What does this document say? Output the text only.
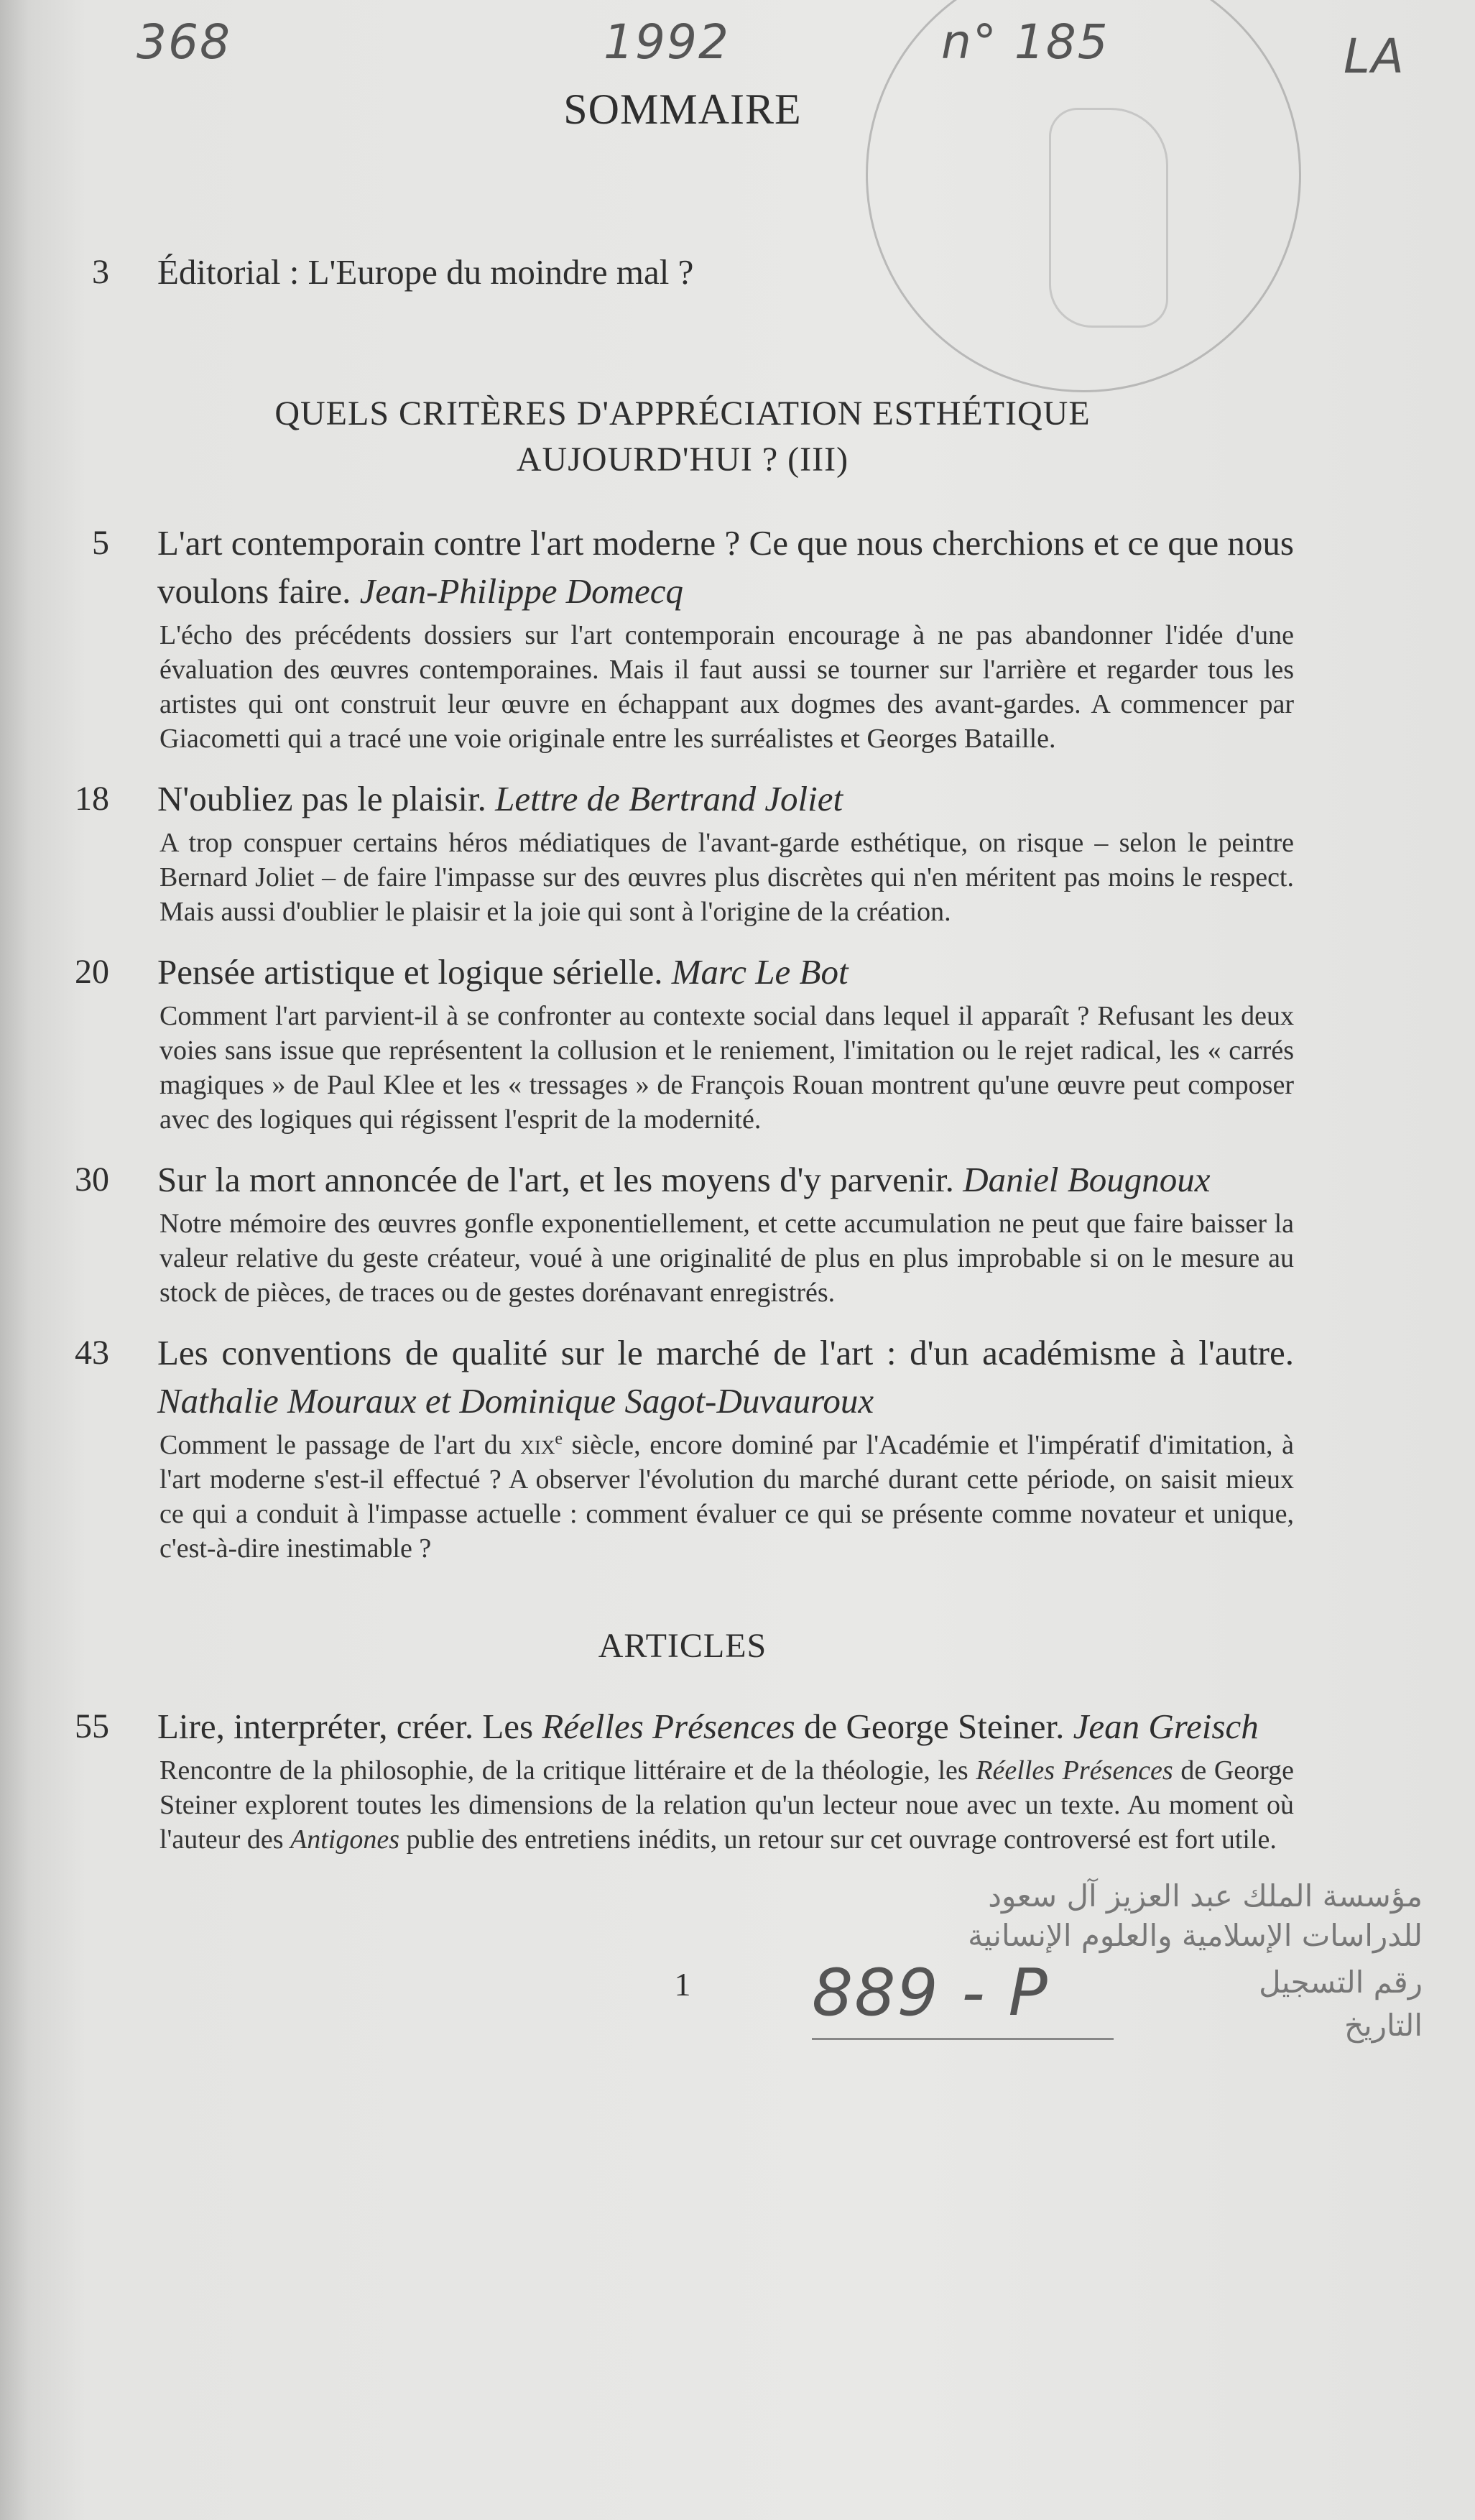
368	1992	n° 185	LA
SOMMAIRE
3 Éditorial : L'Europe du moindre mal ?
QUELS CRITÈRES D'APPRÉCIATION ESTHÉTIQUE
AUJOURD'HUI ? (III)
5 L'art contemporain contre l'art moderne ? Ce que nous cherchions et ce que nous voulons faire. Jean-Philippe Domecq
L'écho des précédents dossiers sur l'art contemporain encourage à ne pas abandonner l'idée d'une évaluation des œuvres contemporaines. Mais il faut aussi se tourner sur l'arrière et regarder tous les artistes qui ont construit leur œuvre en échappant aux dogmes des avant-gardes. A commencer par Giacometti qui a tracé une voie originale entre les surréalistes et Georges Bataille.
18 N'oubliez pas le plaisir. Lettre de Bertrand Joliet
A trop conspuer certains héros médiatiques de l'avant-garde esthétique, on risque – selon le peintre Bernard Joliet – de faire l'impasse sur des œuvres plus discrètes qui n'en méritent pas moins le respect. Mais aussi d'oublier le plaisir et la joie qui sont à l'origine de la création.
20 Pensée artistique et logique sérielle. Marc Le Bot
Comment l'art parvient-il à se confronter au contexte social dans lequel il apparaît ? Refusant les deux voies sans issue que représentent la collusion et le reniement, l'imitation ou le rejet radical, les « carrés magiques » de Paul Klee et les « tressages » de François Rouan montrent qu'une œuvre peut composer avec des logiques qui régissent l'esprit de la modernité.
30 Sur la mort annoncée de l'art, et les moyens d'y parvenir. Daniel Bougnoux
Notre mémoire des œuvres gonfle exponentiellement, et cette accumulation ne peut que faire baisser la valeur relative du geste créateur, voué à une originalité de plus en plus improbable si on le mesure au stock de pièces, de traces ou de gestes dorénavant enregistrés.
43 Les conventions de qualité sur le marché de l'art : d'un académisme à l'autre. Nathalie Mouraux et Dominique Sagot-Duvauroux
Comment le passage de l'art du xix$^e$ siècle, encore dominé par l'Académie et l'impératif d'imitation, à l'art moderne s'est-il effectué ? A observer l'évolution du marché durant cette période, on saisit mieux ce qui a conduit à l'impasse actuelle : comment évaluer ce qui se présente comme novateur et unique, c'est-à-dire inestimable ?
ARTICLES
55 Lire, interpréter, créer. Les Réelles Présences de George Steiner. Jean Greisch
Rencontre de la philosophie, de la critique littéraire et de la théologie, les Réelles Présences de George Steiner explorent toutes les dimensions de la relation qu'un lecteur noue avec un texte. Au moment où l'auteur des Antigones publie des entretiens inédits, un retour sur cet ouvrage controversé est fort utile.
مؤسسة الملك عبد العزيز آل سعود
للدراسات الإسلامية والعلوم الإنسانية
1	889 - P	رقم التسجيل
التاريخ
